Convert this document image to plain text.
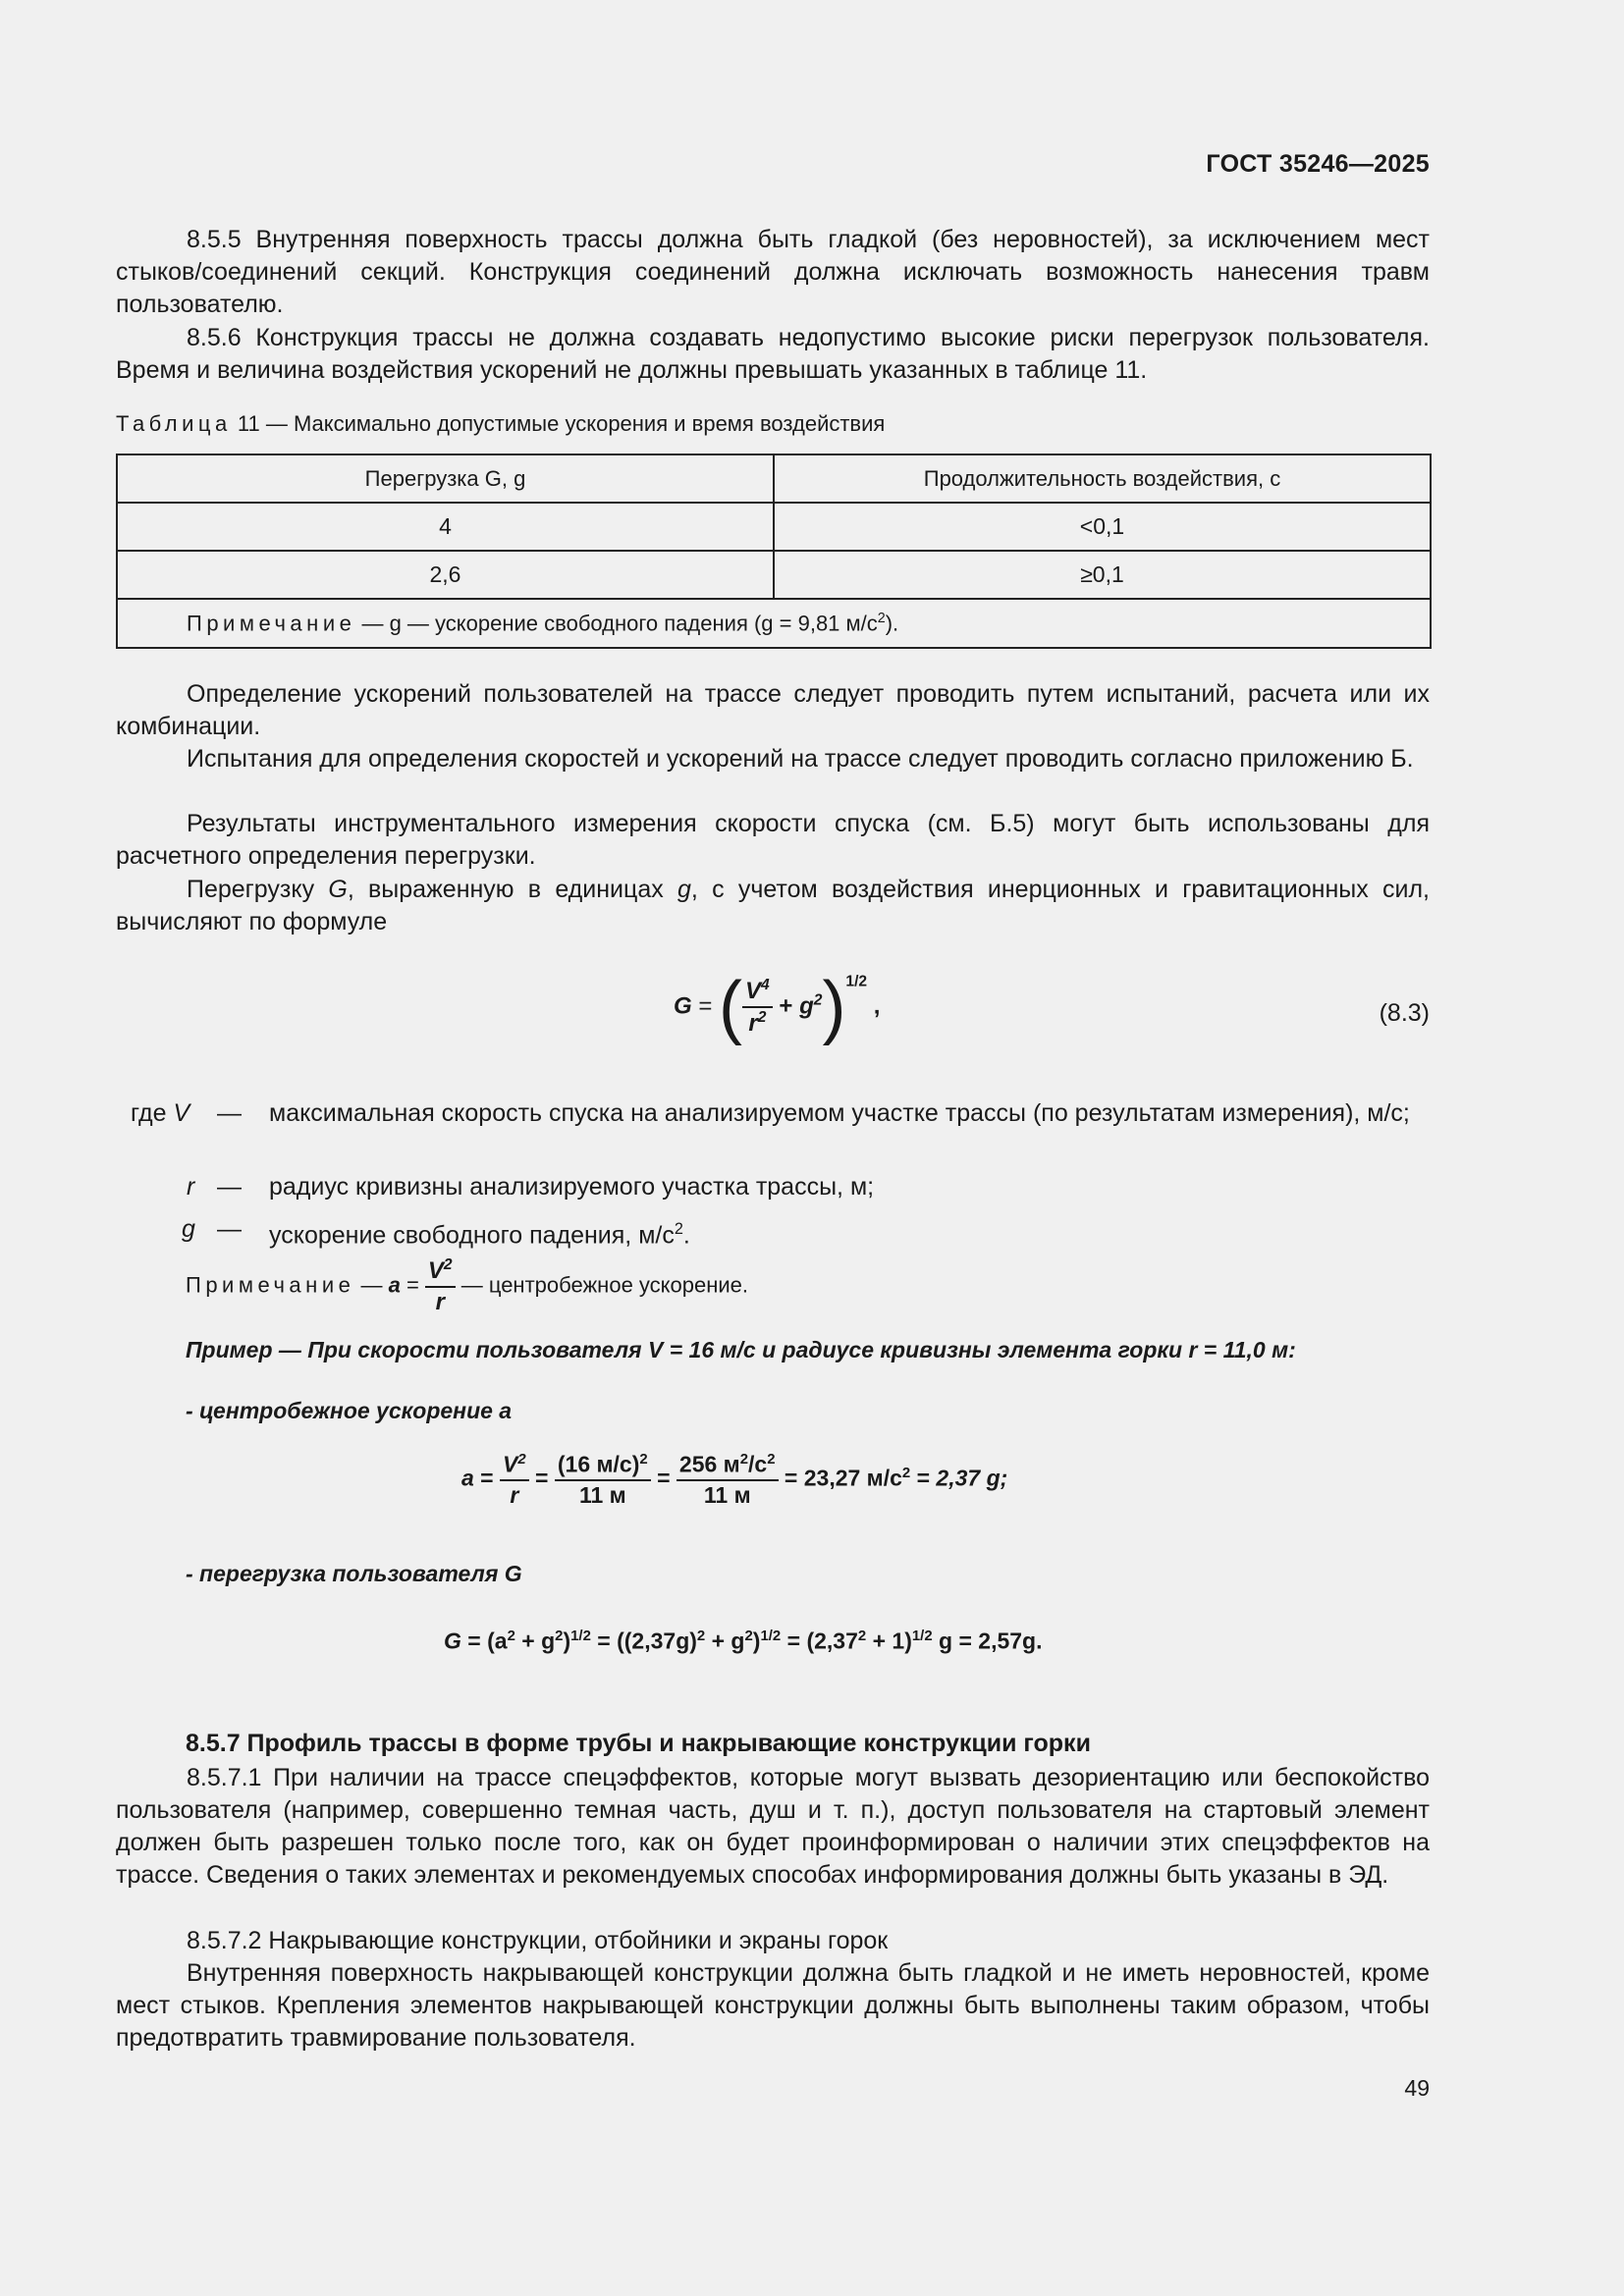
ГОСТ 35246—2025
8.5.5 Внутренняя поверхность трассы должна быть гладкой (без неровностей), за исключением мест стыков/соединений секций. Конструкция соединений должна исключать возможность нанесения травм пользователю.
8.5.6 Конструкция трассы не должна создавать недопустимо высокие риски перегрузок пользователя. Время и величина воздействия ускорений не должны превышать указанных в таблице 11.
Таблица 11 — Максимально допустимые ускорения и время воздействия
Перегрузка G, g	Продолжительность воздействия, с
4	<0,1
2,6	≥0,1
Примечание — g — ускорение свободного падения (g = 9,81 $м/с^2$).	
Определение ускорений пользователей на трассе следует проводить путем испытаний, расчета или их комбинации.
Испытания для определения скоростей и ускорений на трассе следует проводить согласно приложению Б.
Результаты инструментального измерения скорости спуска (см. Б.5) могут быть использованы для расчетного определения перегрузки.
Перегрузку G, выраженную в единицах g, с учетом воздействия инерционных и гравитационных сил, вычисляют по формуле
G = ( $\frac{V^4}{r^2} + g^2)^{1/2}$ ,	(8.3)
где V — максимальная скорость спуска на анализируемом участке трассы (по результатам измерения), м/с;
r — радиус кривизны анализируемого участка трассы, м;
g — ускорение свободного падения, $м/с^2$.
Примечание — $a = \frac{V^2}{r}$ — центробежное ускорение.
Пример — При скорости пользователя V = 16 м/с и радиусе кривизны элемента горки r = 11,0 м:
- центробежное ускорение a
$a = \frac{V^2}{r} = \frac{(16 м/с)^2}{11 м} = \frac{256 м^2/с^2}{11 м} = 23,27$ $м/с^2 = 2,37$ g;
- перегрузка пользователя G
$G = (a^2 + g^2)^{1/2} = ((2,37g)^2 + g^2)^{1/2} = (2,37^2 + 1)^{1/2}$ g = 2,57g.
8.5.7 Профиль трассы в форме трубы и накрывающие конструкции горки
8.5.7.1 При наличии на трассе спецэффектов, которые могут вызвать дезориентацию или беспокойство пользователя (например, совершенно темная часть, душ и т. п.), доступ пользователя на стартовый элемент должен быть разрешен только после того, как он будет проинформирован о наличии этих спецэффектов на трассе. Сведения о таких элементах и рекомендуемых способах информирования должны быть указаны в ЭД.
8.5.7.2 Накрывающие конструкции, отбойники и экраны горок
Внутренняя поверхность накрывающей конструкции должна быть гладкой и не иметь неровностей, кроме мест стыков. Крепления элементов накрывающей конструкции должны быть выполнены таким образом, чтобы предотвратить травмирование пользователя.
49
